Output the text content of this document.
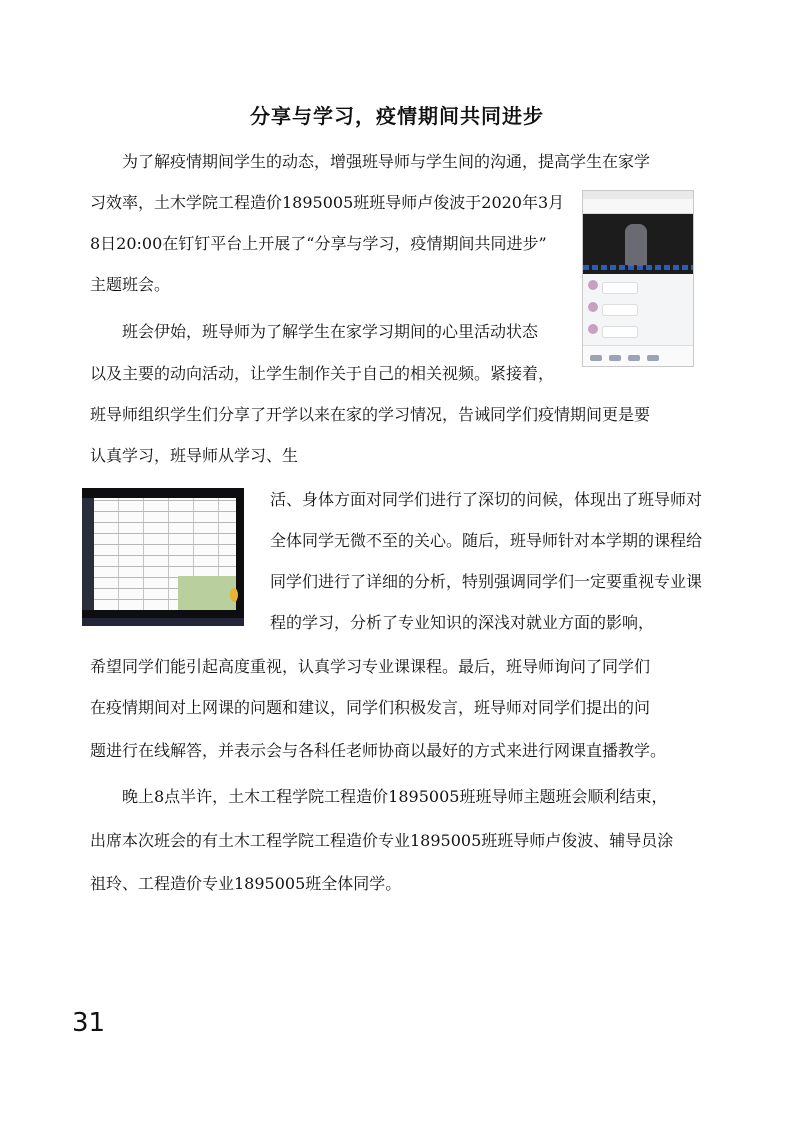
分享与学习，疫情期间共同进步
为了解疫情期间学生的动态，增强班导师与学生间的沟通，提高学生在家学
习效率，土木学院工程造价1895005班班导师卢俊波于2020年3月
8日20:00在钉钉平台上开展了“分享与学习，疫情期间共同进步”
主题班会。
班会伊始，班导师为了解学生在家学习期间的心里活动状态
以及主要的动向活动，让学生制作关于自己的相关视频。紧接着，
班导师组织学生们分享了开学以来在家的学习情况，告诫同学们疫情期间更是要
认真学习，班导师从学习、生
活、身体方面对同学们进行了深切的问候，体现出了班导师对
全体同学无微不至的关心。随后，班导师针对本学期的课程给
同学们进行了详细的分析，特别强调同学们一定要重视专业课
程的学习，分析了专业知识的深浅对就业方面的影响，
希望同学们能引起高度重视，认真学习专业课课程。最后，班导师询问了同学们
在疫情期间对上网课的问题和建议，同学们积极发言，班导师对同学们提出的问
题进行在线解答，并表示会与各科任老师协商以最好的方式来进行网课直播教学。
晚上8点半许，土木工程学院工程造价1895005班班导师主题班会顺利结束，
出席本次班会的有土木工程学院工程造价专业1895005班班导师卢俊波、辅导员涂
祖玲、工程造价专业1895005班全体同学。
31
